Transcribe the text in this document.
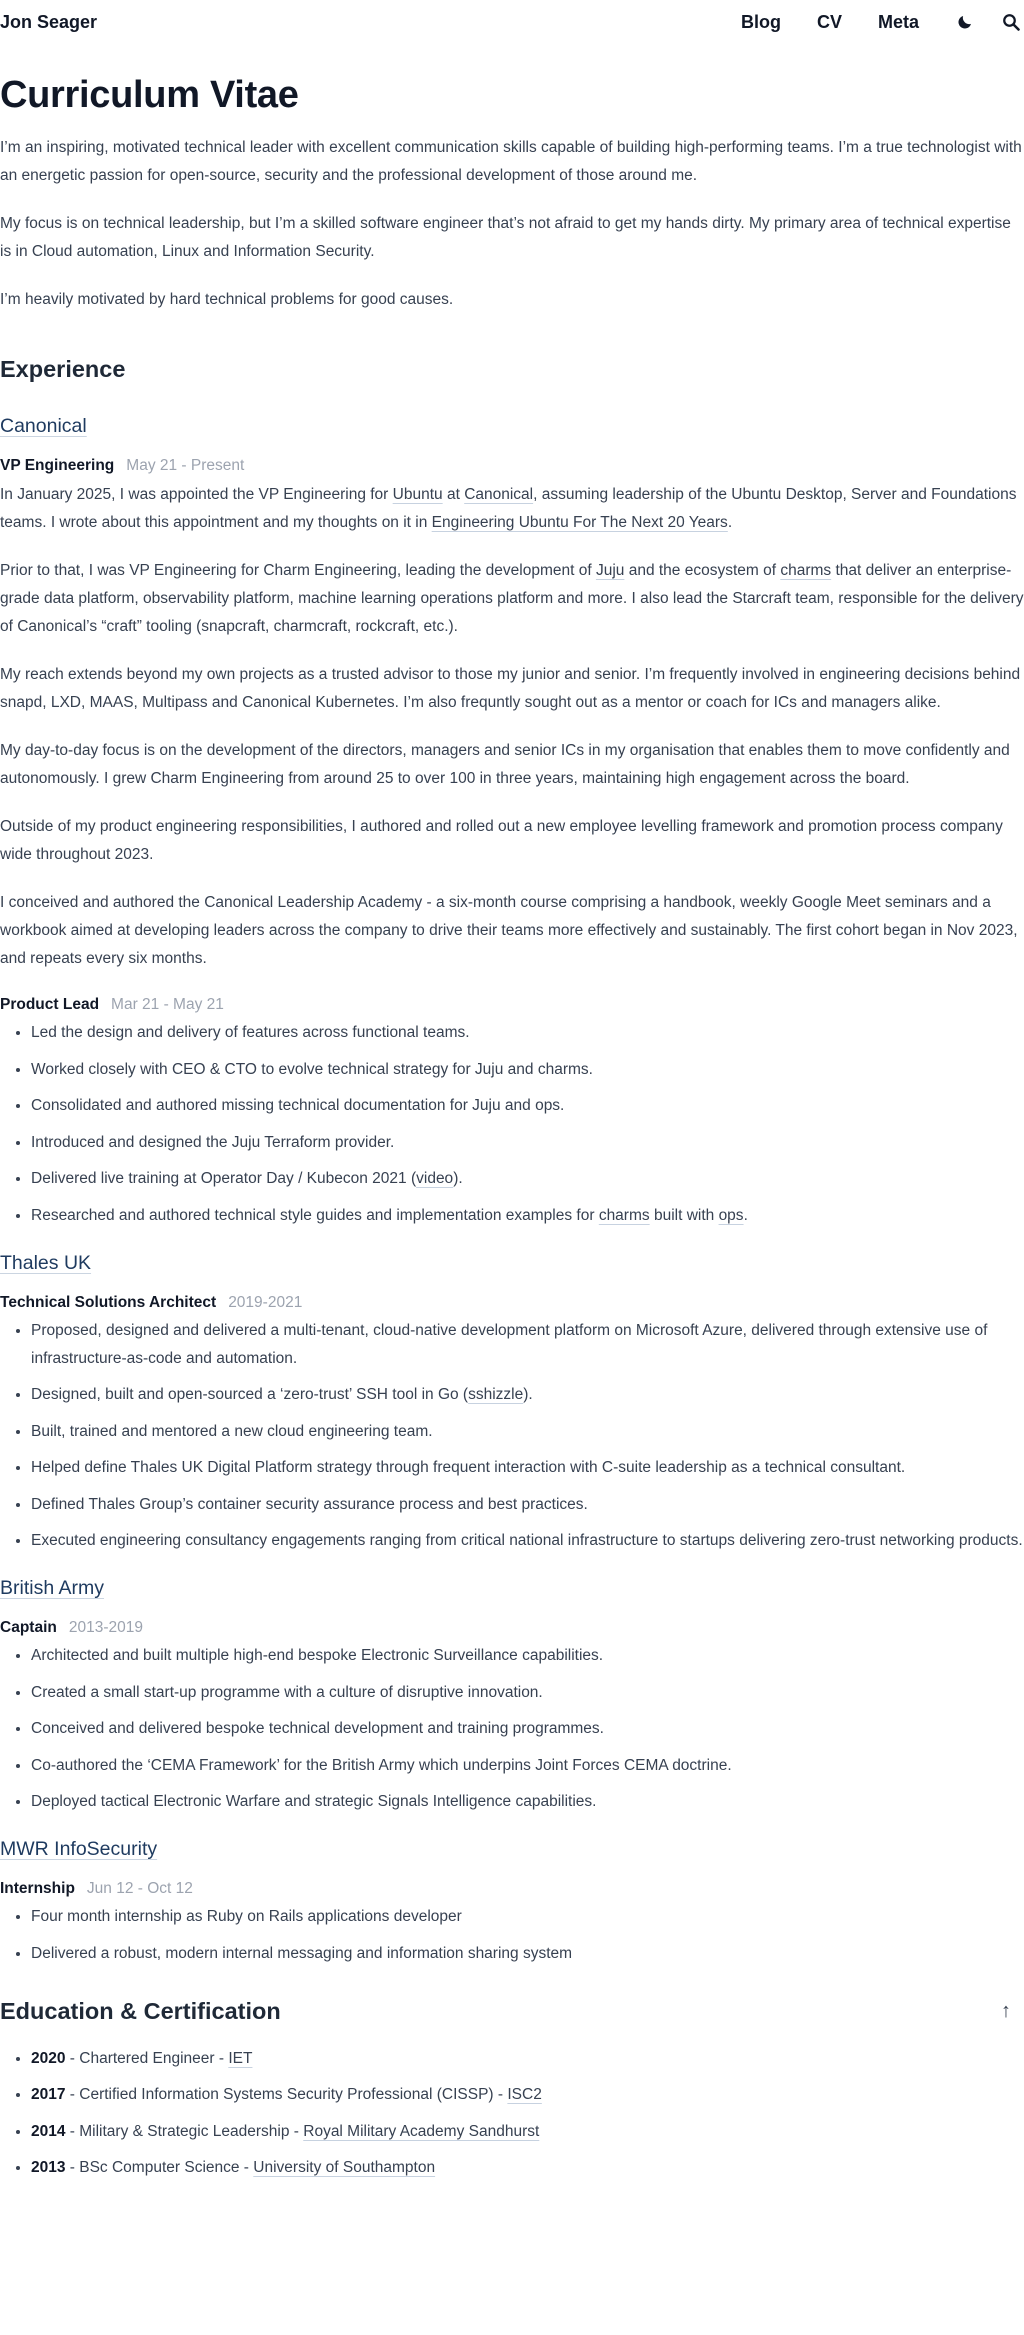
Jon Seager	Blog CV Meta
Curriculum Vitae

I’m an inspiring, motivated technical leader with excellent communication skills capable of building high-performing teams. I’m a true technologist with an energetic passion for open-source, security and the professional development of those around me.

My focus is on technical leadership, but I’m a skilled software engineer that’s not afraid to get my hands dirty. My primary area of technical expertise is in Cloud automation, Linux and Information Security.

I’m heavily motivated by hard technical problems for good causes.

Experience
Canonical
VP Engineering May 21 - Present

In January 2025, I was appointed the VP Engineering for Ubuntu at Canonical, assuming leadership of the Ubuntu Desktop, Server and Foundations teams. I wrote about this appointment and my thoughts on it in Engineering Ubuntu For The Next 20 Years.

Prior to that, I was VP Engineering for Charm Engineering, leading the development of Juju and the ecosystem of charms that deliver an enterprise-grade data platform, observability platform, machine learning operations platform and more. I also lead the Starcraft team, responsible for the delivery of Canonical’s “craft” tooling (snapcraft, charmcraft, rockcraft, etc.).

My reach extends beyond my own projects as a trusted advisor to those my junior and senior. I’m frequently involved in engineering decisions behind snapd, LXD, MAAS, Multipass and Canonical Kubernetes. I’m also frequntly sought out as a mentor or coach for ICs and managers alike.

My day-to-day focus is on the development of the directors, managers and senior ICs in my organisation that enables them to move confidently and autonomously. I grew Charm Engineering from around 25 to over 100 in three years, maintaining high engagement across the board.

Outside of my product engineering responsibilities, I authored and rolled out a new employee levelling framework and promotion process company wide throughout 2023.

I conceived and authored the Canonical Leadership Academy - a six-month course comprising a handbook, weekly Google Meet seminars and a workbook aimed at developing leaders across the company to drive their teams more effectively and sustainably. The first cohort began in Nov 2023, and repeats every six months.

Product Lead Mar 21 - May 21
• Led the design and delivery of features across functional teams.
• Worked closely with CEO & CTO to evolve technical strategy for Juju and charms.
• Consolidated and authored missing technical documentation for Juju and ops.
• Introduced and designed the Juju Terraform provider.
• Delivered live training at Operator Day / Kubecon 2021 (video).
• Researched and authored technical style guides and implementation examples for charms built with ops.
Thales UK
Technical Solutions Architect 2019-2021
• Proposed, designed and delivered a multi-tenant, cloud-native development platform on Microsoft Azure, delivered through extensive use of infrastructure-as-code and automation.
• Designed, built and open-sourced a ‘zero-trust’ SSH tool in Go (sshizzle).
• Built, trained and mentored a new cloud engineering team.
• Helped define Thales UK Digital Platform strategy through frequent interaction with C-suite leadership as a technical consultant.
• Defined Thales Group’s container security assurance process and best practices.
• Executed engineering consultancy engagements ranging from critical national infrastructure to startups delivering zero-trust networking products.
British Army
Captain 2013-2019
• Architected and built multiple high-end bespoke Electronic Surveillance capabilities.
• Created a small start-up programme with a culture of disruptive innovation.
• Conceived and delivered bespoke technical development and training programmes.
• Co-authored the ‘CEMA Framework’ for the British Army which underpins Joint Forces CEMA doctrine.
• Deployed tactical Electronic Warfare and strategic Signals Intelligence capabilities.
MWR InfoSecurity
Internship Jun 12 - Oct 12
• Four month internship as Ruby on Rails applications developer
• Delivered a robust, modern internal messaging and information sharing system
Education & Certification	↑
• 2020 - Chartered Engineer - IET
• 2017 - Certified Information Systems Security Professional (CISSP) - ISC2
• 2014 - Military & Strategic Leadership - Royal Military Academy Sandhurst
• 2013 - BSc Computer Science - University of Southampton
